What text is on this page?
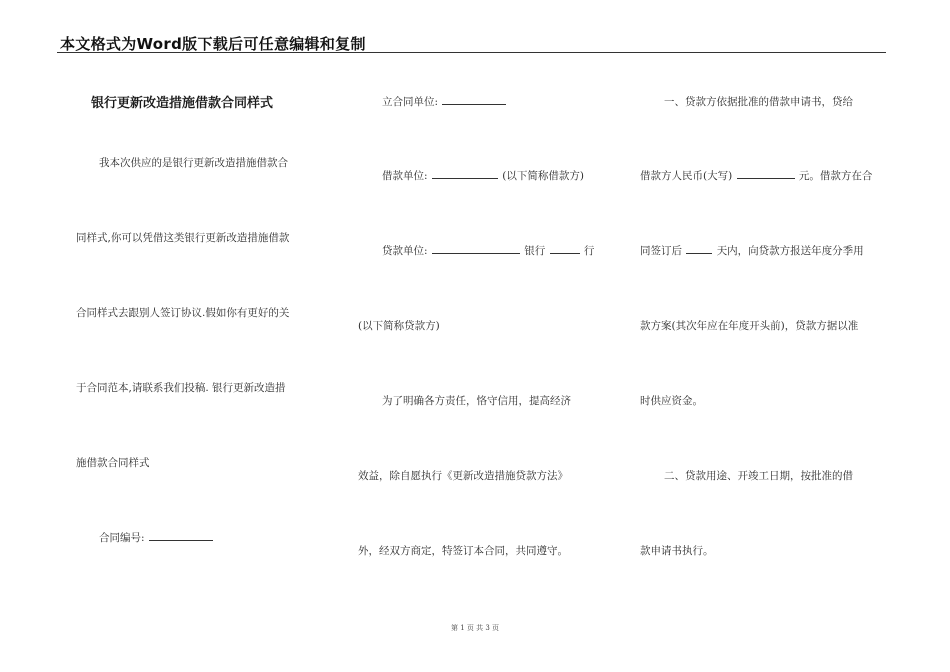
本文格式为Word版下载后可任意编辑和复制
银行更新改造措施借款合同样式
我本次供应的是银行更新改造措施借款合
同样式,你可以凭借这类银行更新改造措施借款
合同样式去跟别人签订协议.假如你有更好的关
于合同范本,请联系我们投稿. 银行更新改造措
施借款合同样式
合同编号:
立合同单位:
借款单位:	(以下简称借款方)
贷款单位:	银行	行
(以下简称贷款方)
为了明确各方责任，恪守信用，提高经济
效益，除自愿执行《更新改造措施贷款方法》
外，经双方商定，特签订本合同，共同遵守。
一、贷款方依据批准的借款申请书，贷给
借款方人民币(大写)	元。借款方在合
同签订后	天内，向贷款方报送年度分季用
款方案(其次年应在年度开头前)，贷款方据以准
时供应资金。
二、贷款用途、开竣工日期，按批准的借
款申请书执行。
第 1 页 共 3 页
